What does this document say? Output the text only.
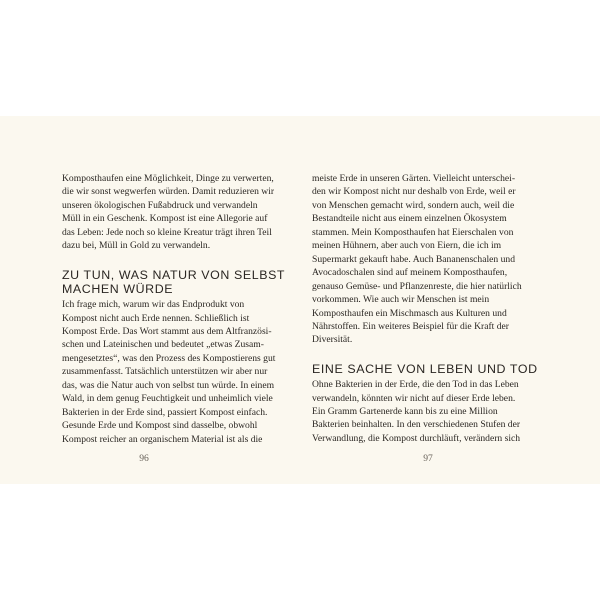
Komposthaufen eine Möglichkeit, Dinge zu verwerten,
die wir sonst wegwerfen würden. Damit reduzieren wir
unseren ökologischen Fußabdruck und verwandeln
Müll in ein Geschenk. Kompost ist eine Allegorie auf
das Leben: Jede noch so kleine Kreatur trägt ihren Teil
dazu bei, Müll in Gold zu verwandeln.
ZU TUN, WAS NATUR VON SELBST
MACHEN WÜRDE
Ich frage mich, warum wir das Endprodukt von
Kompost nicht auch Erde nennen. Schließlich ist
Kompost Erde. Das Wort stammt aus dem Altfranzösi-
schen und Lateinischen und bedeutet „etwas Zusam-
mengesetztes“, was den Prozess des Kompostierens gut
zusammenfasst. Tatsächlich unterstützen wir aber nur
das, was die Natur auch von selbst tun würde. In einem
Wald, in dem genug Feuchtigkeit und unheimlich viele
Bakterien in der Erde sind, passiert Kompost einfach.
Gesunde Erde und Kompost sind dasselbe, obwohl
Kompost reicher an organischem Material ist als die
96
meiste Erde in unseren Gärten. Vielleicht unterschei-
den wir Kompost nicht nur deshalb von Erde, weil er
von Menschen gemacht wird, sondern auch, weil die
Bestandteile nicht aus einem einzelnen Ökosystem
stammen. Mein Komposthaufen hat Eierschalen von
meinen Hühnern, aber auch von Eiern, die ich im
Supermarkt gekauft habe. Auch Bananenschalen und
Avocadoschalen sind auf meinem Komposthaufen,
genauso Gemüse- und Pflanzenreste, die hier natürlich
vorkommen. Wie auch wir Menschen ist mein
Komposthaufen ein Mischmasch aus Kulturen und
Nährstoffen. Ein weiteres Beispiel für die Kraft der
Diversität.
EINE SACHE VON LEBEN UND TOD
Ohne Bakterien in der Erde, die den Tod in das Leben
verwandeln, könnten wir nicht auf dieser Erde leben.
Ein Gramm Gartenerde kann bis zu eine Million
Bakterien beinhalten. In den verschiedenen Stufen der
Verwandlung, die Kompost durchläuft, verändern sich
97
